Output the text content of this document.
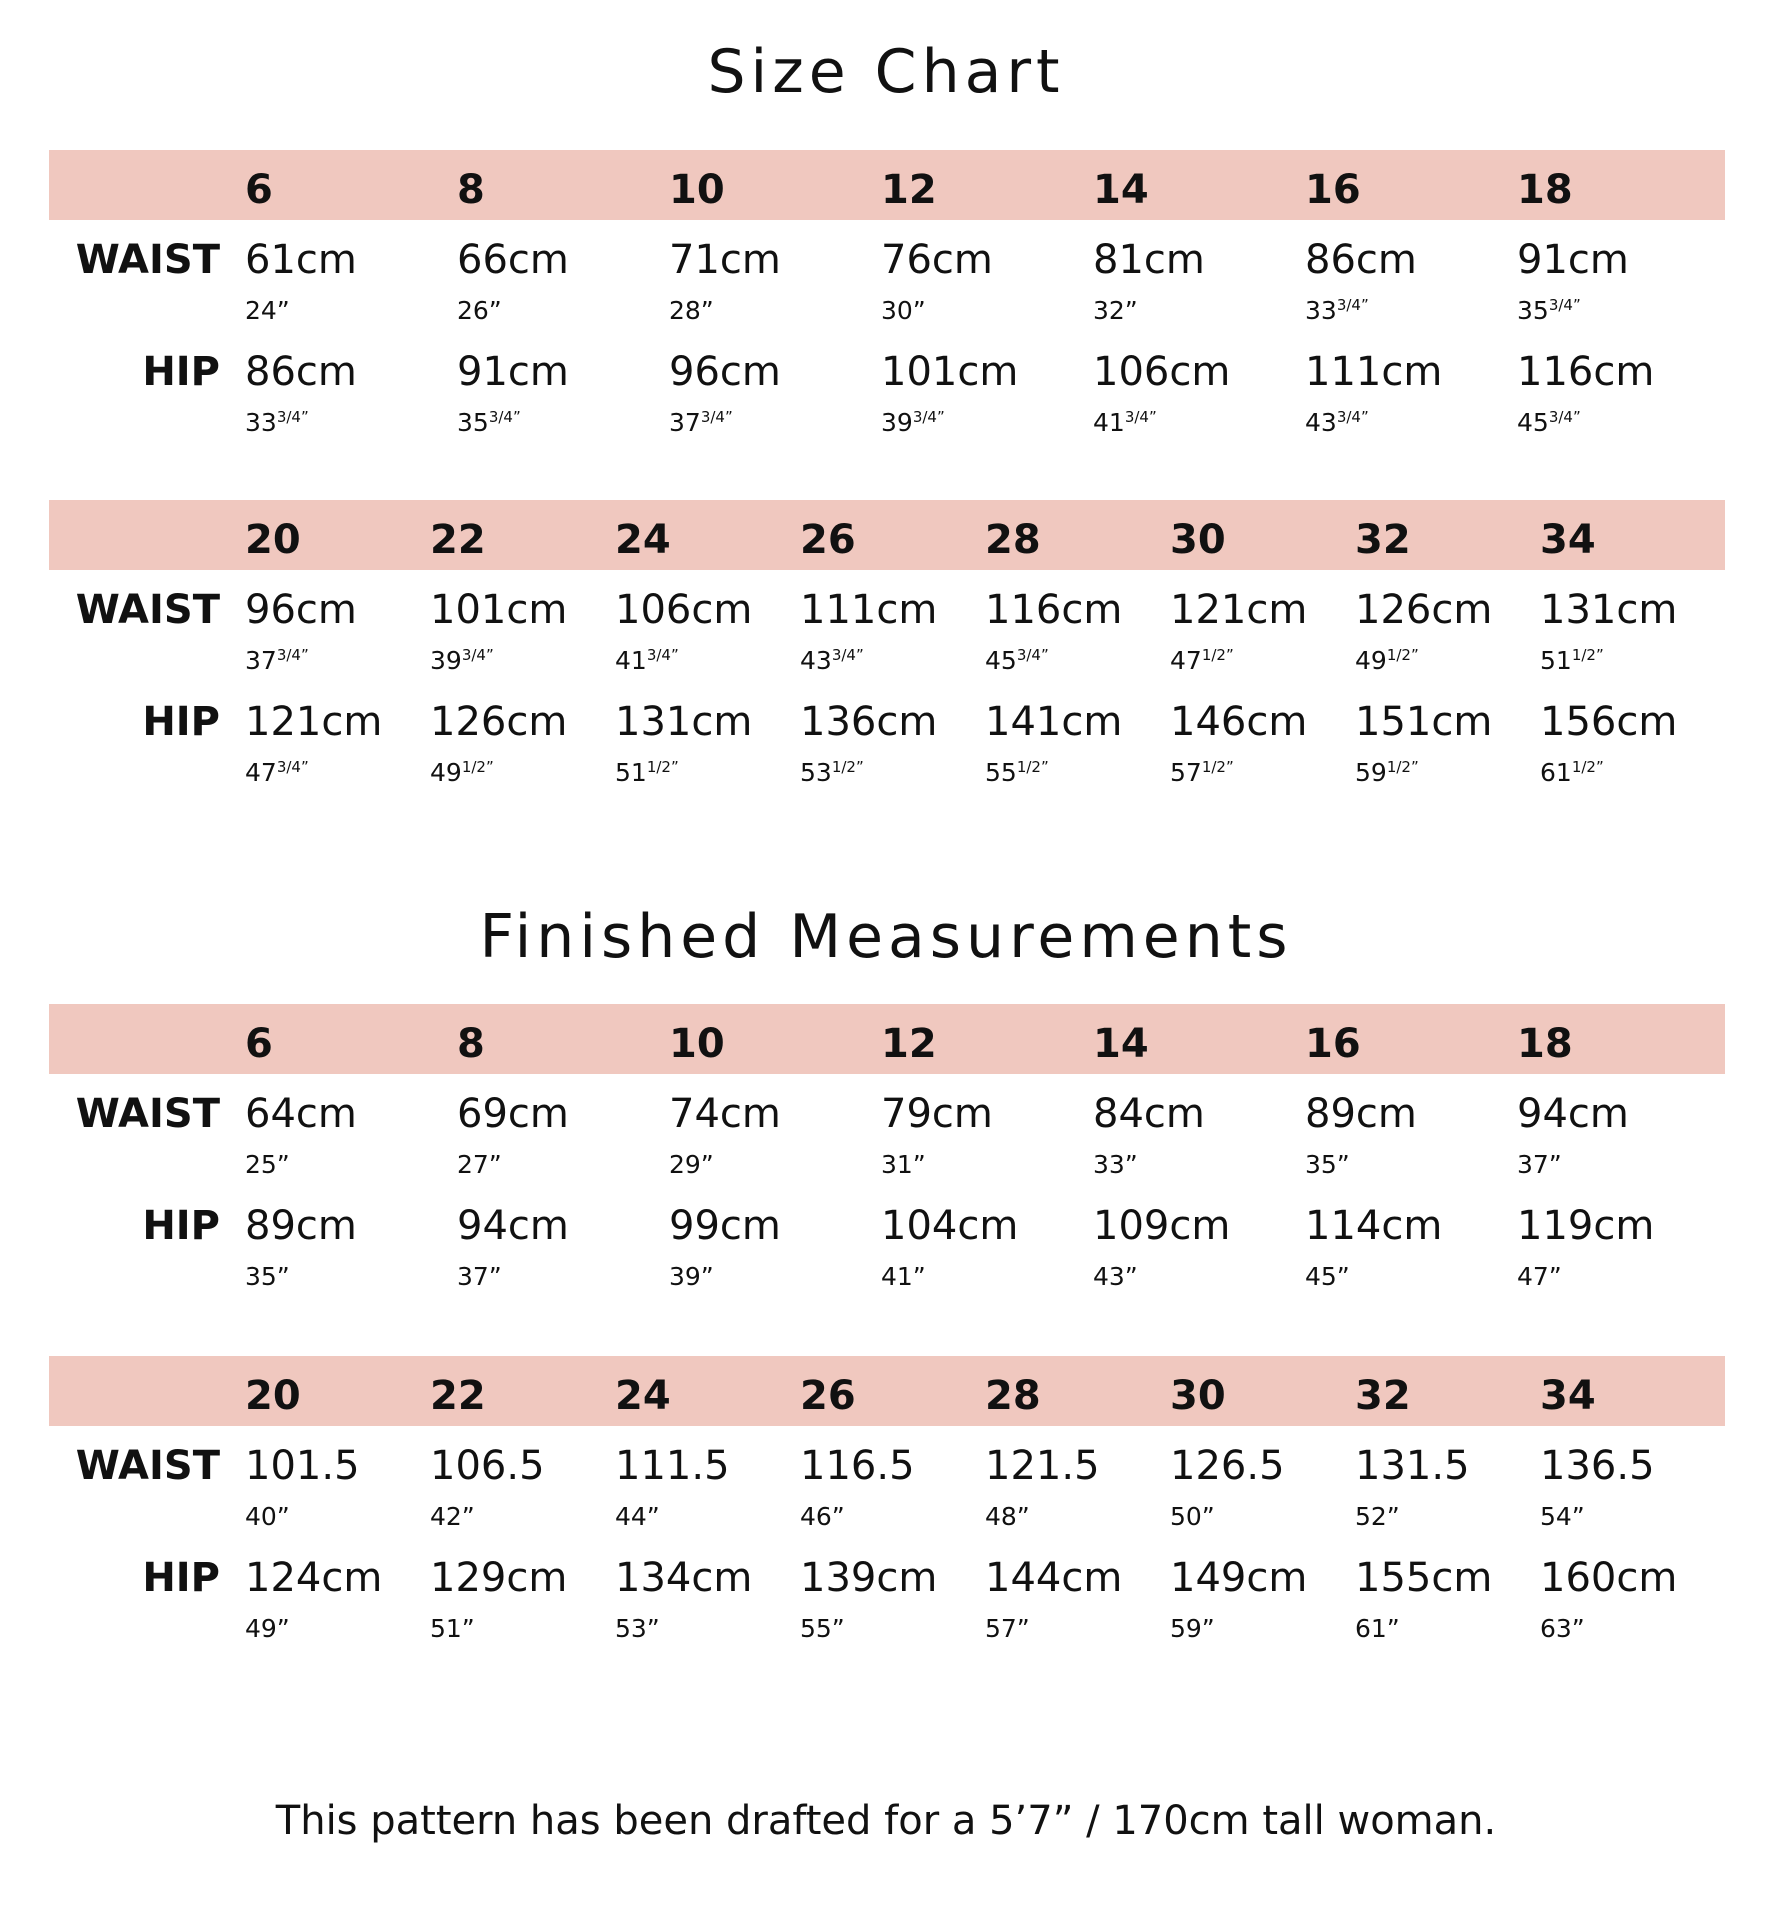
Size Chart
6	8	10	12	14	16	18
WAIST 61cm	66cm	71cm	76cm	81cm	86cm	91cm
24”	26”	28”	30”	32”	$33^{3/4”}$	$35^{3/4”}$
HIP 86cm	91cm	96cm	101cm 106cm 111cm 116cm
$33^{3/4”}$	$35^{3/4”}$	$37^{3/4”}$	$39^{3/4”}$	$41^{3/4”}$	$43^{3/4”}$	$45^{3/4”}$
20	22	24	26	28	30	32	34
WAIST 96cm 101cm 106cm 111cm 116cm 121cm 126cm 131cm
$37^{3/4”}$	$39^{3/4”}$	$41^{3/4”}$	$43^{3/4”}$	$45^{3/4”}$	$47^{1/2”}$	$49^{1/2”}$	$51^{1/2”}$
HIP 121cm 126cm 131cm 136cm 141cm 146cm 151cm 156cm
$47^{3/4”}$	$49^{1/2”}$	$51^{1/2”}$	$53^{1/2”}$	$55^{1/2”}$	$57^{1/2”}$	$59^{1/2”}$	$61^{1/2”}$
Finished Measurements
6	8	10	12	14	16	18
WAIST 64cm	69cm	74cm	79cm	84cm	89cm	94cm
25”	27”	29”	31”	33”	35”	37”
HIP 89cm	94cm	99cm	104cm 109cm 114cm 119cm
35”	37”	39”	41”	43”	45”	47”
20	22	24	26	28	30	32	34
WAIST 101.5 106.5 111.5 116.5 121.5 126.5 131.5 136.5
40”	42”	44”	46”	48”	50”	52”	54”
HIP 124cm 129cm 134cm 139cm 144cm 149cm 155cm 160cm
49”	51”	53”	55”	57”	59”	61”	63”
This pattern has been drafted for a 5’7” / 170cm tall woman.
